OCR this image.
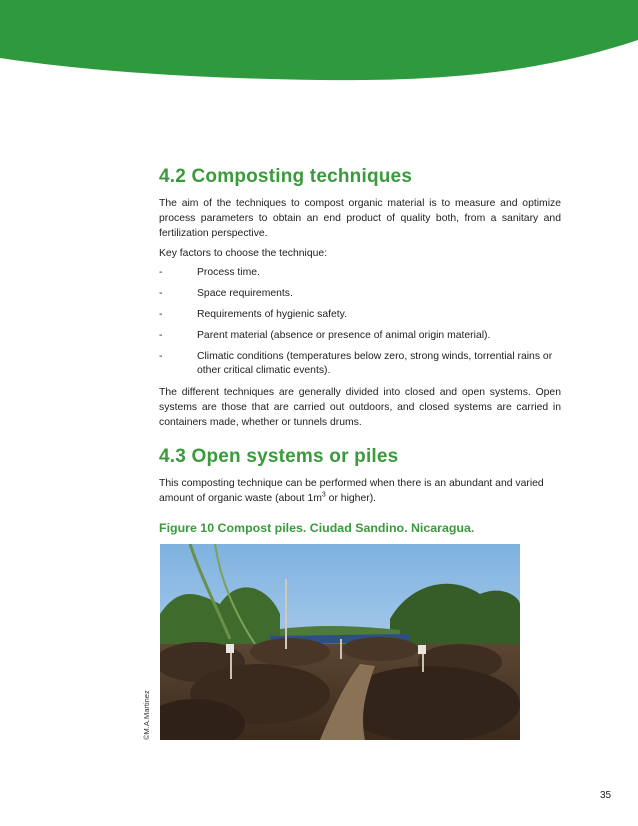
4.2 Composting techniques

The aim of the techniques to compost organic material is to measure and optimize process parameters to obtain an end product of quality both, from a sanitary and fertilization perspective.

Key factors to choose the technique:

-	Process time.
-	Space requirements.
-	Requirements of hygienic safety.
-	Parent material (absence or presence of animal origin material).
-	Climatic conditions (temperatures below zero, strong winds, torrential rains or other critical climatic events).

The different techniques are generally divided into closed and open systems. Open systems are those that are carried out outdoors, and closed systems are carried in containers made, whether or tunnels drums.

4.3 Open systems or piles

This composting technique can be performed when there is an abundant and varied amount of organic waste (about $1m^3$ or higher).

Figure 10 Compost piles. Ciudad Sandino. Nicaragua.
©M.A.Martinez
35
